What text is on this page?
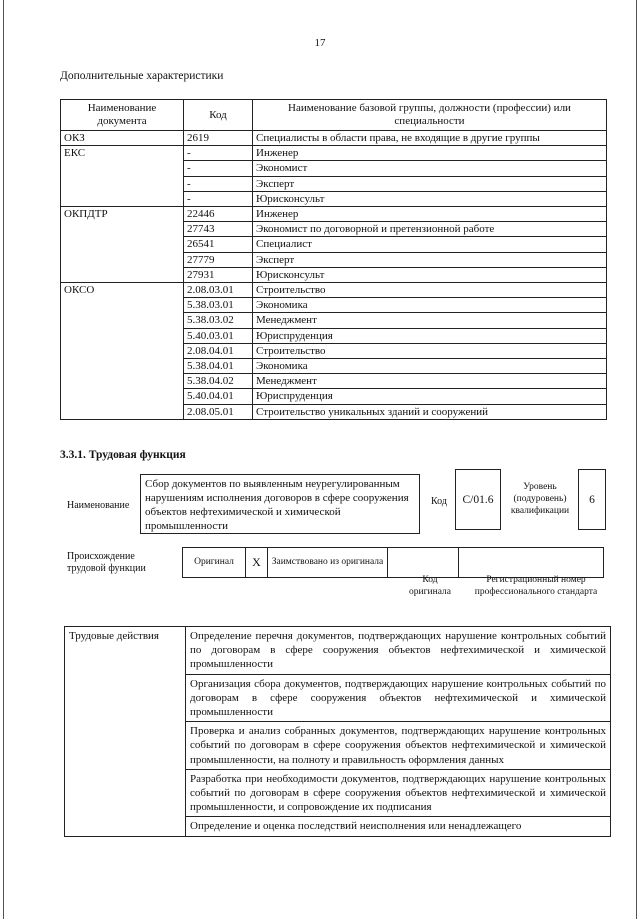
17
Дополнительные характеристики
Наименование документа	Код	Наименование базовой группы, должности (профессии) или специальности
ОКЗ	2619	Специалисты в области права, не входящие в другие группы
ЕКС	-	Инженер
	-	Экономист
	-	Эксперт
	-	Юрисконсульт
ОКПДТР	22446	Инженер
	27743	Экономист по договорной и претензионной работе
	26541	Специалист
	27779	Эксперт
	27931	Юрисконсульт
ОКСО	2.08.03.01	Строительство
	5.38.03.01	Экономика
	5.38.03.02	Менеджмент
	5.40.03.01	Юриспруденция
	2.08.04.01	Строительство
	5.38.04.01	Экономика
	5.38.04.02	Менеджмент
	5.40.04.01	Юриспруденция
	2.08.05.01	Строительство уникальных зданий и сооружений
3.3.1. Трудовая функция
Наименование
Сбор документов по выявленным неурегулированным нарушениям исполнения договоров в сфере сооружения объектов нефтехимической и химической промышленности
Код	C/01.6
Уровень (подуровень) квалификации
6
Происхождение трудовой функции
Оригинал	X	Заимствовано из оригинала		
Код оригинала
Регистрационный номер профессионального стандарта
Трудовые действия	Определение перечня документов, подтверждающих нарушение контрольных событий по договорам в сфере сооружения объектов нефтехимической и химической промышленности
Организация сбора документов, подтверждающих нарушение контрольных событий по договорам в сфере сооружения объектов нефтехимической и химической промышленности
Проверка и анализ собранных документов, подтверждающих нарушение контрольных событий по договорам в сфере сооружения объектов нефтехимической и химической промышленности, на полноту и правильность оформления данных
Разработка при необходимости документов, подтверждающих нарушение контрольных событий по договорам в сфере сооружения объектов нефтехимической и химической промышленности, и сопровождение их подписания
Определение и оценка последствий неисполнения или ненадлежащего
